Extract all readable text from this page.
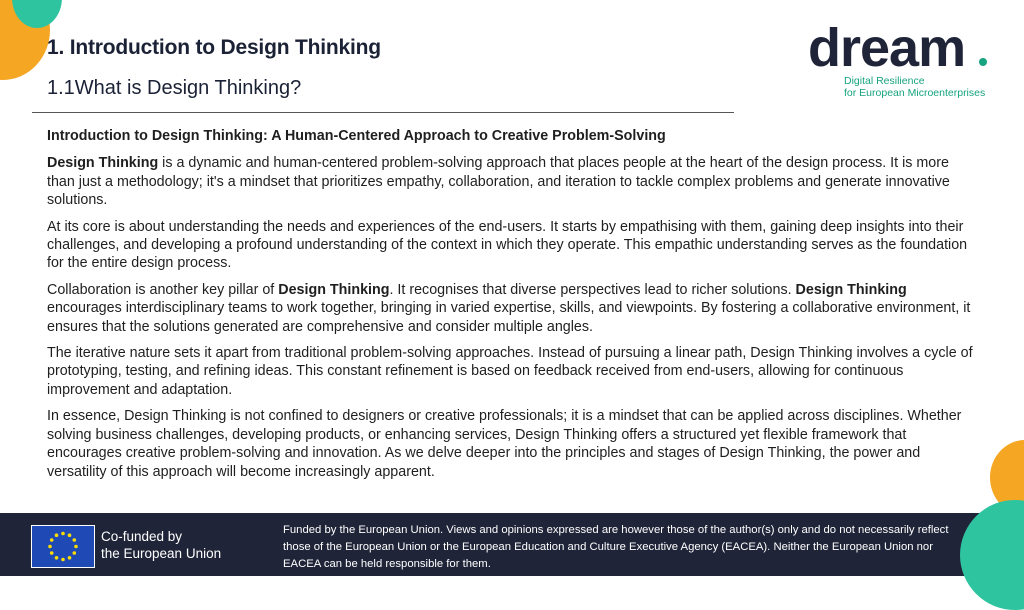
1. Introduction to Design Thinking
1.1What is Design Thinking?
dream
Digital Resilience
for European Microenterprises

Introduction to Design Thinking: A Human-Centered Approach to Creative Problem-Solving

Design Thinking is a dynamic and human-centered problem-solving approach that places people at the heart of the design process. It is more than just a methodology; it's a mindset that prioritizes empathy, collaboration, and iteration to tackle complex problems and generate innovative solutions.

At its core is about understanding the needs and experiences of the end-users. It starts by empathising with them, gaining deep insights into their challenges, and developing a profound understanding of the context in which they operate. This empathic understanding serves as the foundation for the entire design process.

Collaboration is another key pillar of Design Thinking. It recognises that diverse perspectives lead to richer solutions. Design Thinking encourages interdisciplinary teams to work together, bringing in varied expertise, skills, and viewpoints. By fostering a collaborative environment, it ensures that the solutions generated are comprehensive and consider multiple angles.

The iterative nature sets it apart from traditional problem-solving approaches. Instead of pursuing a linear path, Design Thinking involves a cycle of prototyping, testing, and refining ideas. This constant refinement is based on feedback received from end-users, allowing for continuous improvement and adaptation.

In essence, Design Thinking is not confined to designers or creative professionals; it is a mindset that can be applied across disciplines. Whether solving business challenges, developing products, or enhancing services, Design Thinking offers a structured yet flexible framework that encourages creative problem-solving and innovation. As we delve deeper into the principles and stages of Design Thinking, the power and versatility of this approach will become increasingly apparent.

Co-funded by
the European Union
Funded by the European Union. Views and opinions expressed are however those of the author(s) only and do not necessarily reflect those of the European Union or the European Education and Culture Executive Agency (EACEA). Neither the European Union nor EACEA can be held responsible for them.
